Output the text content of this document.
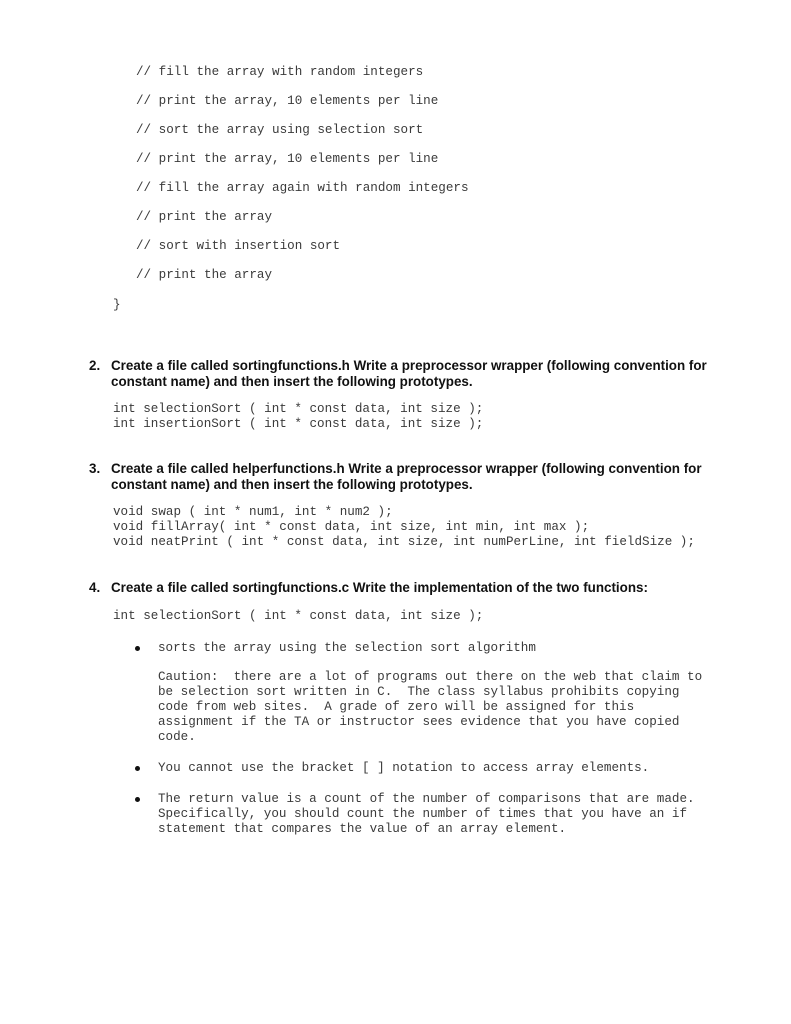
// fill the array with random integers
// print the array, 10 elements per line
// sort the array using selection sort
// print the array, 10 elements per line
// fill the array again with random integers
// print the array
// sort with insertion sort
// print the array
}
2. Create a file called sortingfunctions.h Write a preprocessor wrapper (following convention for
constant name) and then insert the following prototypes.
int selectionSort ( int * const data, int size );
int insertionSort ( int * const data, int size );
3. Create a file called helperfunctions.h Write a preprocessor wrapper (following convention for
constant name) and then insert the following prototypes.
void swap ( int * num1, int * num2 );
void fillArray( int * const data, int size, int min, int max );
void neatPrint ( int * const data, int size, int numPerLine, int fieldSize );
4. Create a file called sortingfunctions.c Write the implementation of the two functions:
int selectionSort ( int * const data, int size );
sorts the array using the selection sort algorithm
Caution:  there are a lot of programs out there on the web that claim to
be selection sort written in C.  The class syllabus prohibits copying
code from web sites.  A grade of zero will be assigned for this
assignment if the TA or instructor sees evidence that you have copied
code.
You cannot use the bracket [ ] notation to access array elements.
The return value is a count of the number of comparisons that are made.
Specifically, you should count the number of times that you have an if
statement that compares the value of an array element.
